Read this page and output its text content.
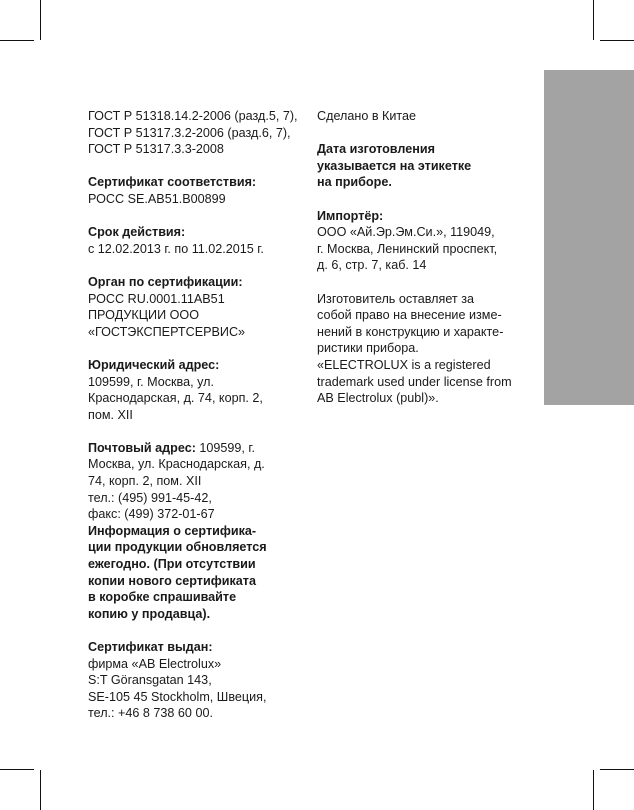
ГОСТ Р 51318.14.2-2006 (разд.5, 7),
ГОСТ Р 51317.3.2-2006 (разд.6, 7),
ГОСТ Р 51317.3.3-2008

Сертификат соответствия:
РОСС SE.АВ51.В00899

Срок действия:
с 12.02.2013 г. по 11.02.2015 г.

Орган по сертификации:
РОСС RU.0001.11АВ51
ПРОДУКЦИИ ООО
«ГОСТЭКСПЕРТСЕРВИС»

Юридический адрес:
109599, г. Москва, ул.
Краснодарская, д. 74, корп. 2,
пом. XII

Почтовый адрес: 109599, г.
Москва, ул. Краснодарская, д.
74, корп. 2, пом. XII
тел.: (495) 991-45-42,
факс: (499) 372-01-67

Информация о сертифика-
ции продукции обновляется
ежегодно. (При отсутствии
копии нового сертификата
в коробке спрашивайте
копию у продавца).

Сертификат выдан:
фирма «AB Electrolux»
S:T Göransgatan 143,
SE-105 45 Stockholm, Швеция,
тел.: +46 8 738 60 00.

Сделано в Китае

Дата изготовления
указывается на этикетке
на приборе.

Импортёр:
ООО «Ай.Эр.Эм.Си.», 119049,
г. Москва, Ленинский проспект,
д. 6, стр. 7, каб. 14

Изготовитель оставляет за
собой право на внесение изме-
нений в конструкцию и характе-
ристики прибора.
«ELECTROLUX is a registered
trademark used under license from
AB Electrolux (publ)».
